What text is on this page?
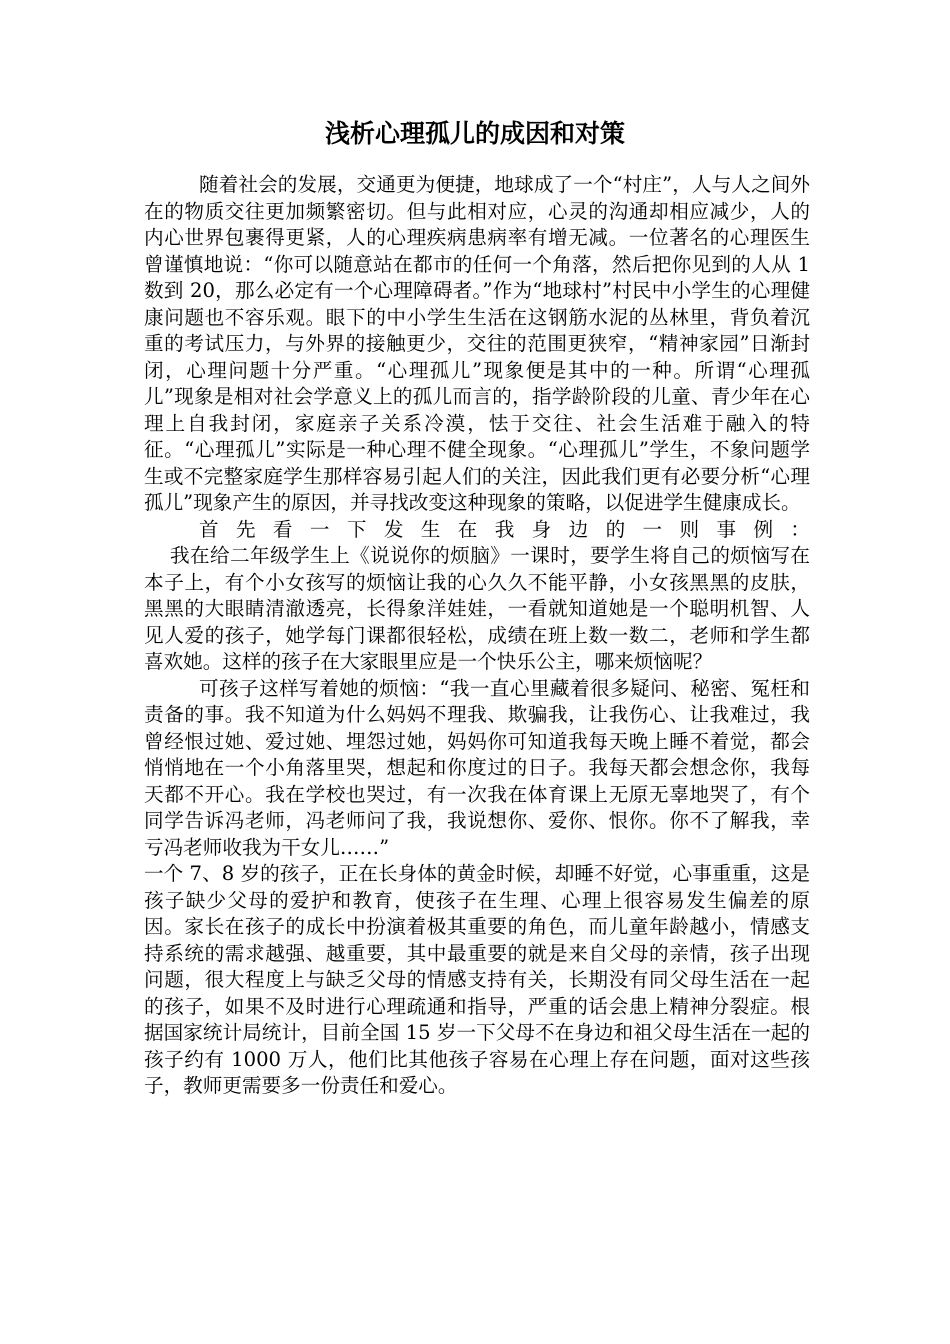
浅析心理孤儿的成因和对策

随着社会的发展，交通更为便捷，地球成了一个“村庄”，人与人之间外在的物质交往更加频繁密切。但与此相对应，心灵的沟通却相应减少，人的内心世界包裹得更紧，人的心理疾病患病率有增无减。一位著名的心理医生曾谨慎地说：“你可以随意站在都市的任何一个角落，然后把你见到的人从 1 数到 20，那么必定有一个心理障碍者。”作为“地球村”村民中小学生的心理健康问题也不容乐观。眼下的中小学生生活在这钢筋水泥的丛林里，背负着沉重的考试压力，与外界的接触更少，交往的范围更狭窄，“精神家园”日渐封闭，心理问题十分严重。“心理孤儿”现象便是其中的一种。所谓“心理孤儿”现象是相对社会学意义上的孤儿而言的，指学龄阶段的儿童、青少年在心理上自我封闭，家庭亲子关系冷漠，怯于交往、社会生活难于融入的特征。“心理孤儿”实际是一种心理不健全现象。“心理孤儿”学生，不象问题学生或不完整家庭学生那样容易引起人们的关注，因此我们更有必要分析“心理孤儿”现象产生的原因，并寻找改变这种现象的策略，以促进学生健康成长。

首先看一下发生在我身边的一则事例：

我在给二年级学生上《说说你的烦脑》一课时，要学生将自己的烦恼写在本子上，有个小女孩写的烦恼让我的心久久不能平静，小女孩黑黑的皮肤，黑黑的大眼睛清澈透亮，长得象洋娃娃，一看就知道她是一个聪明机智、人见人爱的孩子，她学每门课都很轻松，成绩在班上数一数二，老师和学生都喜欢她。这样的孩子在大家眼里应是一个快乐公主，哪来烦恼呢？

可孩子这样写着她的烦恼：“我一直心里藏着很多疑问、秘密、冤枉和责备的事。我不知道为什么妈妈不理我、欺骗我，让我伤心、让我难过，我曾经恨过她、爱过她、埋怨过她，妈妈你可知道我每天晚上睡不着觉，都会悄悄地在一个小角落里哭，想起和你度过的日子。我每天都会想念你，我每天都不开心。我在学校也哭过，有一次我在体育课上无原无辜地哭了，有个同学告诉冯老师，冯老师问了我，我说想你、爱你、恨你。你不了解我，幸亏冯老师收我为干女儿……”

一个 7、8 岁的孩子，正在长身体的黄金时候，却睡不好觉，心事重重，这是孩子缺少父母的爱护和教育，使孩子在生理、心理上很容易发生偏差的原因。家长在孩子的成长中扮演着极其重要的角色，而儿童年龄越小，情感支持系统的需求越强、越重要，其中最重要的就是来自父母的亲情，孩子出现问题，很大程度上与缺乏父母的情感支持有关，长期没有同父母生活在一起的孩子，如果不及时进行心理疏通和指导，严重的话会患上精神分裂症。根据国家统计局统计，目前全国 15 岁一下父母不在身边和祖父母生活在一起的孩子约有 1000 万人，他们比其他孩子容易在心理上存在问题，面对这些孩子，教师更需要多一份责任和爱心。
